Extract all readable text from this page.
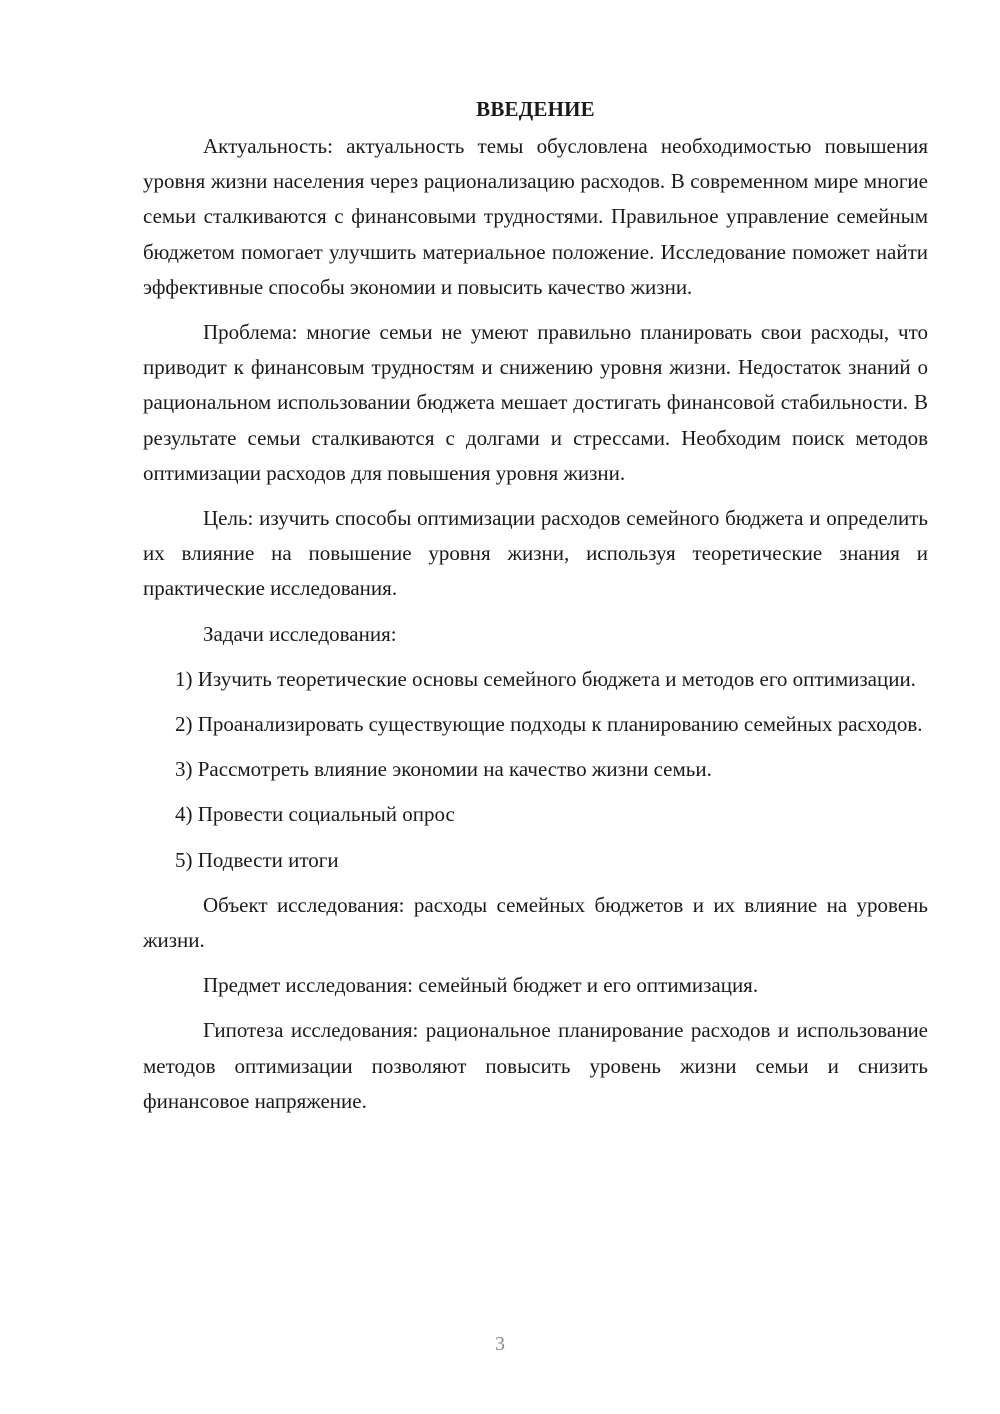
ВВЕДЕНИЕ

Актуальность: актуальность темы обусловлена необходимостью повышения уровня жизни населения через рационализацию расходов. В современном мире многие семьи сталкиваются с финансовыми трудностями. Правильное управление семейным бюджетом помогает улучшить материальное положение. Исследование поможет найти эффективные способы экономии и повысить качество жизни.

Проблема: многие семьи не умеют правильно планировать свои расходы, что приводит к финансовым трудностям и снижению уровня жизни. Недостаток знаний о рациональном использовании бюджета мешает достигать финансовой стабильности. В результате семьи сталкиваются с долгами и стрессами. Необходим поиск методов оптимизации расходов для повышения уровня жизни.

Цель: изучить способы оптимизации расходов семейного бюджета и определить их влияние на повышение уровня жизни, используя теоретические знания и практические исследования.

Задачи исследования:

1) Изучить теоретические основы семейного бюджета и методов его оптимизации.

2) Проанализировать существующие подходы к планированию семейных расходов.

3) Рассмотреть влияние экономии на качество жизни семьи.

4) Провести социальный опрос

5) Подвести итоги

Объект исследования: расходы семейных бюджетов и их влияние на уровень жизни.

Предмет исследования: семейный бюджет и его оптимизация.

Гипотеза исследования: рациональное планирование расходов и использование методов оптимизации позволяют повысить уровень жизни семьи и снизить финансовое напряжение.

3
